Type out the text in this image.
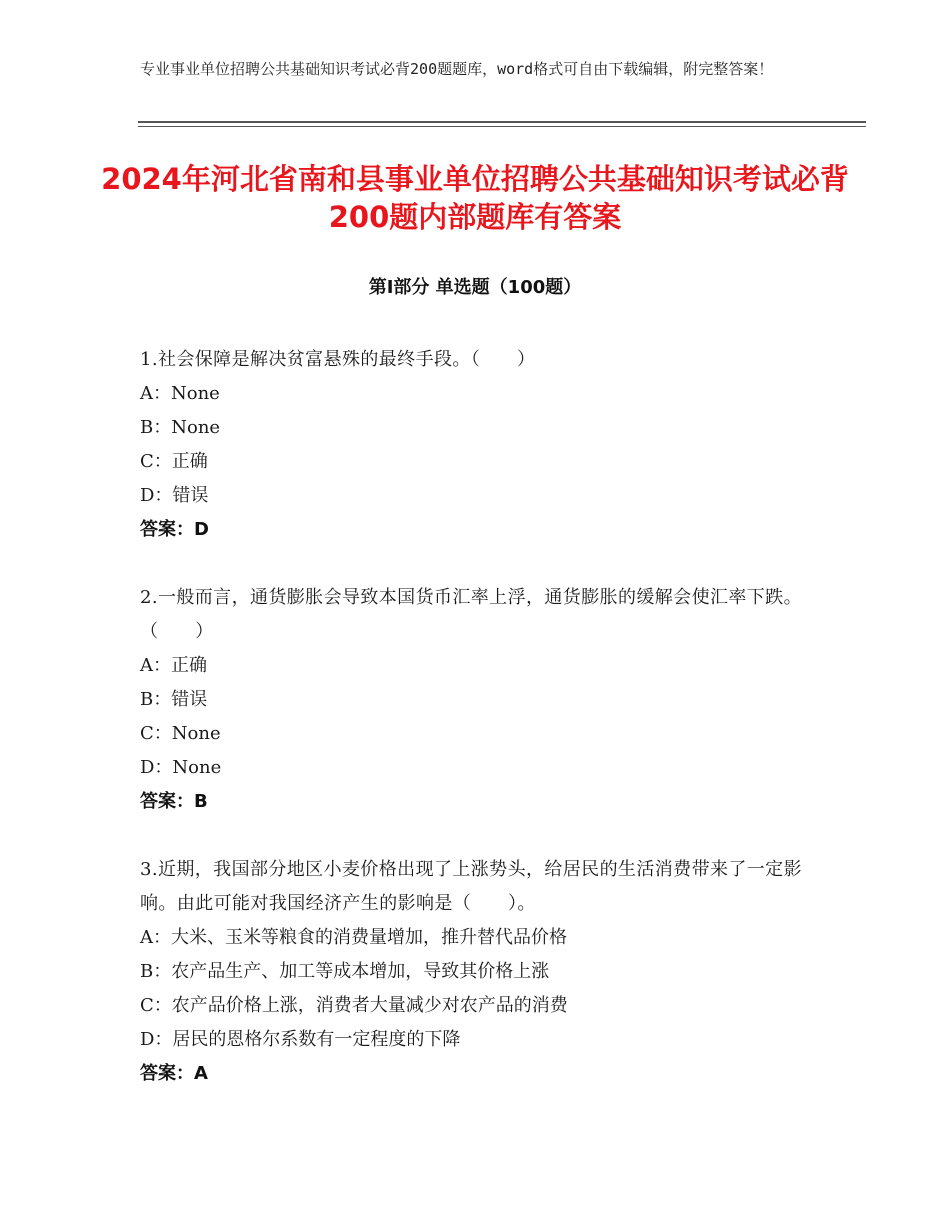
专业事业单位招聘公共基础知识考试必背200题题库，word格式可自由下载编辑，附完整答案！
2024年河北省南和县事业单位招聘公共基础知识考试必背200题内部题库有答案
第Ⅰ部分 单选题（100题）

1.社会保障是解决贫富悬殊的最终手段。（　　）

A：None

B：None

C：正确

D：错误

答案：D

2.一般而言，通货膨胀会导致本国货币汇率上浮，通货膨胀的缓解会使汇率下跌。（　　）

A：正确

B：错误

C：None

D：None

答案：B

3.近期，我国部分地区小麦价格出现了上涨势头，给居民的生活消费带来了一定影响。由此可能对我国经济产生的影响是（　　）。

A：大米、玉米等粮食的消费量增加，推升替代品价格

B：农产品生产、加工等成本增加，导致其价格上涨

C：农产品价格上涨，消费者大量减少对农产品的消费

D：居民的恩格尔系数有一定程度的下降

答案：A
